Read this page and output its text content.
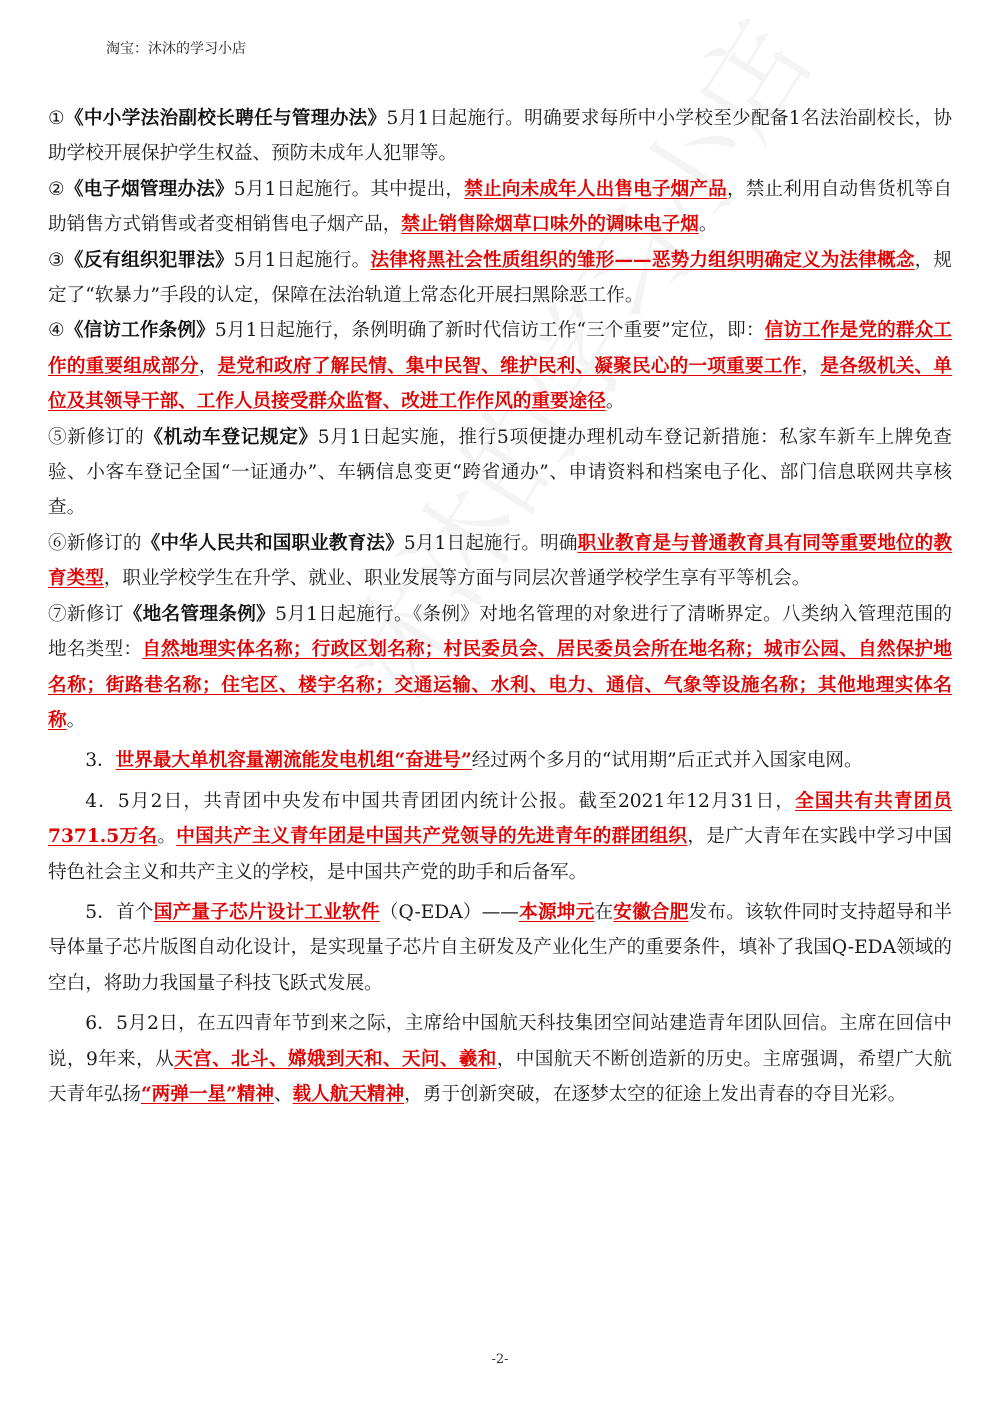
淘宝：沐沐的学习小店

①《中小学法治副校长聘任与管理办法》5月1日起施行。明确要求每所中小学校至少配备1名法治副校长，协助学校开展保护学生权益、预防未成年人犯罪等。

②《电子烟管理办法》5月1日起施行。其中提出，禁止向未成年人出售电子烟产品，禁止利用自动售货机等自助销售方式销售或者变相销售电子烟产品，禁止销售除烟草口味外的调味电子烟。

③《反有组织犯罪法》5月1日起施行。法律将黑社会性质组织的雏形——恶势力组织明确定义为法律概念，规定了“软暴力”手段的认定，保障在法治轨道上常态化开展扫黑除恶工作。

④《信访工作条例》5月1日起施行，条例明确了新时代信访工作“三个重要”定位，即：信访工作是党的群众工作的重要组成部分，是党和政府了解民情、集中民智、维护民利、凝聚民心的一项重要工作，是各级机关、单位及其领导干部、工作人员接受群众监督、改进工作作风的重要途径。

⑤新修订的《机动车登记规定》5月1日起实施，推行5项便捷办理机动车登记新措施：私家车新车上牌免查验、小客车登记全国“一证通办”、车辆信息变更“跨省通办”、申请资料和档案电子化、部门信息联网共享核查。

⑥新修订的《中华人民共和国职业教育法》5月1日起施行。明确职业教育是与普通教育具有同等重要地位的教育类型，职业学校学生在升学、就业、职业发展等方面与同层次普通学校学生享有平等机会。

⑦新修订《地名管理条例》5月1日起施行。《条例》对地名管理的对象进行了清晰界定。八类纳入管理范围的地名类型：自然地理实体名称；行政区划名称；村民委员会、居民委员会所在地名称；城市公园、自然保护地名称；街路巷名称；住宅区、楼宇名称；交通运输、水利、电力、通信、气象等设施名称；其他地理实体名称。

3．世界最大单机容量潮流能发电机组“奋进号”经过两个多月的“试用期”后正式并入国家电网。

4．5月2日，共青团中央发布中国共青团团内统计公报。截至2021年12月31日，全国共有共青团员7371.5万名。中国共产主义青年团是中国共产党领导的先进青年的群团组织，是广大青年在实践中学习中国特色社会主义和共产主义的学校，是中国共产党的助手和后备军。

5．首个国产量子芯片设计工业软件（Q-EDA）——本源坤元在安徽合肥发布。该软件同时支持超导和半导体量子芯片版图自动化设计，是实现量子芯片自主研发及产业化生产的重要条件，填补了我国Q-EDA领域的空白，将助力我国量子科技飞跃式发展。

6．5月2日，在五四青年节到来之际，主席给中国航天科技集团空间站建造青年团队回信。主席在回信中说，9年来，从天宫、北斗、嫦娥到天和、天问、羲和，中国航天不断创造新的历史。主席强调，希望广大航天青年弘扬“两弹一星”精神、载人航天精神，勇于创新突破，在逐梦太空的征途上发出青春的夺目光彩。

-2-
